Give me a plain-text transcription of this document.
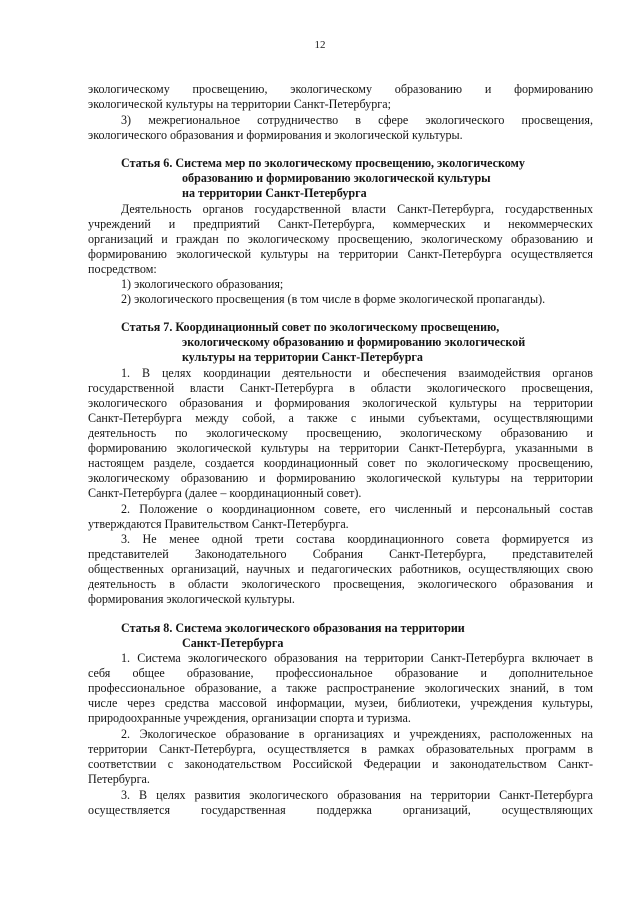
12
экологическому просвещению, экологическому образованию и формированию
экологической культуры на территории Санкт-Петербурга;
3) межрегиональное сотрудничество в сфере экологического просвещения,
экологического образования и формирования и экологической культуры.
Статья 6. Система мер по экологическому просвещению, экологическому
образованию и формированию экологической культуры
на территории Санкт-Петербурга
Деятельность органов государственной власти Санкт-Петербурга, государственных
учреждений и предприятий Санкт-Петербурга, коммерческих и некоммерческих
организаций и граждан по экологическому просвещению, экологическому образованию и
формированию экологической культуры на территории Санкт-Петербурга осуществляется
посредством:
1) экологического образования;
2) экологического просвещения (в том числе в форме экологической пропаганды).
Статья 7. Координационный совет по экологическому просвещению,
экологическому образованию и формированию экологической
культуры на территории Санкт-Петербурга
1. В целях координации деятельности и обеспечения взаимодействия органов
государственной власти Санкт-Петербурга в области экологического просвещения,
экологического образования и формирования экологической культуры на территории
Санкт-Петербурга между собой, а также с иными субъектами, осуществляющими
деятельность по экологическому просвещению, экологическому образованию и
формированию экологической культуры на территории Санкт-Петербурга, указанными в
настоящем разделе, создается координационный совет по экологическому просвещению,
экологическому образованию и формированию экологической культуры на территории
Санкт-Петербурга (далее – координационный совет).
2. Положение о координационном совете, его численный и персональный состав
утверждаются Правительством Санкт-Петербурга.
3. Не менее одной трети состава координационного совета формируется из
представителей Законодательного Собрания Санкт-Петербурга, представителей
общественных организаций, научных и педагогических работников, осуществляющих свою
деятельность в области экологического просвещения, экологического образования и
формирования экологической культуры.
Статья 8. Система экологического образования на территории
Санкт-Петербурга
1. Система экологического образования на территории Санкт-Петербурга включает в
себя общее образование, профессиональное образование и дополнительное
профессиональное образование, а также распространение экологических знаний, в том
числе через средства массовой информации, музеи, библиотеки, учреждения культуры,
природоохранные учреждения, организации спорта и туризма.
2. Экологическое образование в организациях и учреждениях, расположенных на
территории Санкт-Петербурга, осуществляется в рамках образовательных программ в
соответствии с законодательством Российской Федерации и законодательством Санкт-
Петербурга.
3. В целях развития экологического образования на территории Санкт-Петербурга
осуществляется государственная поддержка организаций, осуществляющих
